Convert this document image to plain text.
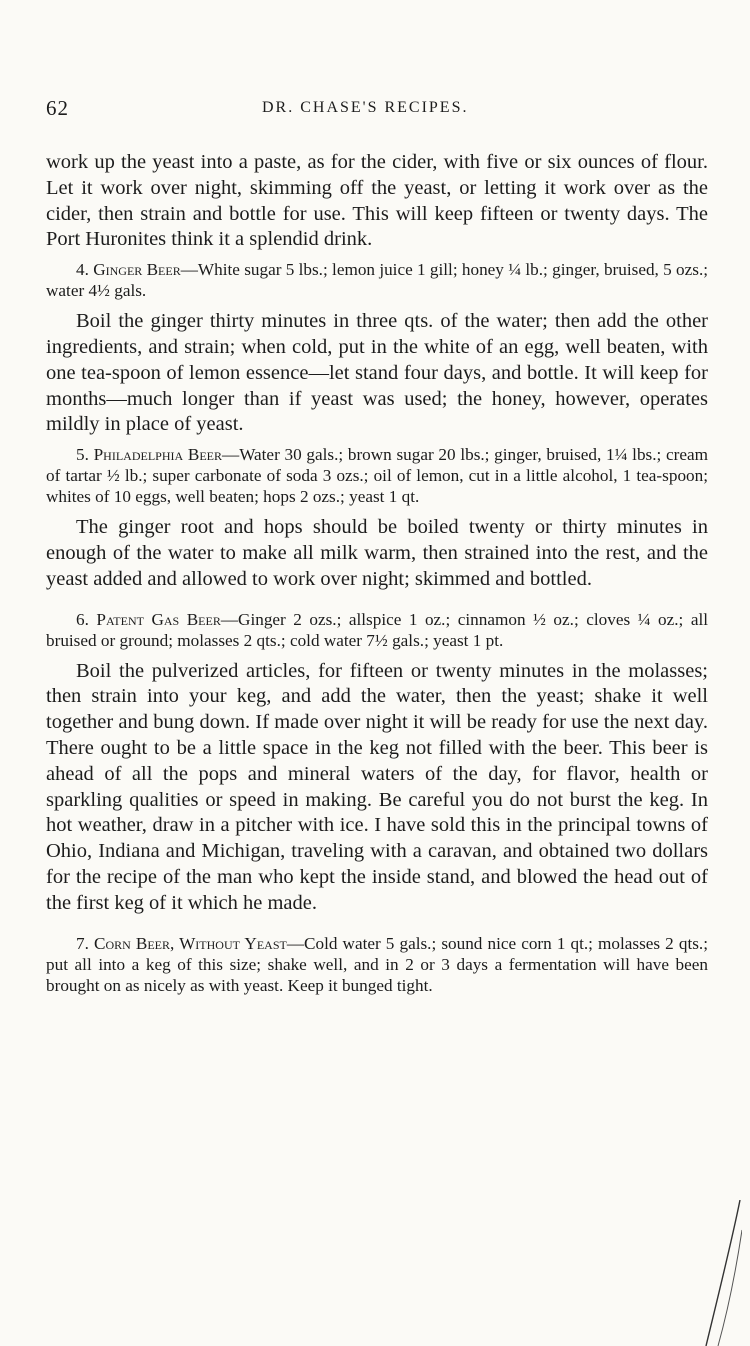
62	DR. CHASE'S RECIPES.

work up the yeast into a paste, as for the cider, with five or six ounces of flour. Let it work over night, skimming off the yeast, or letting it work over as the cider, then strain and bottle for use. This will keep fifteen or twenty days. The Port Huronites think it a splendid drink.

4. Ginger Beer—White sugar 5 lbs.; lemon juice 1 gill; honey ¼ lb.; ginger, bruised, 5 ozs.; water 4½ gals.

Boil the ginger thirty minutes in three qts. of the water; then add the other ingredients, and strain; when cold, put in the white of an egg, well beaten, with one tea-spoon of lemon essence—let stand four days, and bottle. It will keep for months—much longer than if yeast was used; the honey, however, operates mildly in place of yeast.

5. Philadelphia Beer—Water 30 gals.; brown sugar 20 lbs.; ginger, bruised, 1¼ lbs.; cream of tartar ½ lb.; super carbonate of soda 3 ozs.; oil of lemon, cut in a little alcohol, 1 tea-spoon; whites of 10 eggs, well beaten; hops 2 ozs.; yeast 1 qt.

The ginger root and hops should be boiled twenty or thirty minutes in enough of the water to make all milk warm, then strained into the rest, and the yeast added and allowed to work over night; skimmed and bottled.

6. Patent Gas Beer—Ginger 2 ozs.; allspice 1 oz.; cinnamon ½ oz.; cloves ¼ oz.; all bruised or ground; molasses 2 qts.; cold water 7½ gals.; yeast 1 pt.

Boil the pulverized articles, for fifteen or twenty minutes in the molasses; then strain into your keg, and add the water, then the yeast; shake it well together and bung down. If made over night it will be ready for use the next day. There ought to be a little space in the keg not filled with the beer. This beer is ahead of all the pops and mineral waters of the day, for flavor, health or sparkling qualities or speed in making. Be careful you do not burst the keg. In hot weather, draw in a pitcher with ice. I have sold this in the principal towns of Ohio, Indiana and Michigan, traveling with a caravan, and obtained two dollars for the recipe of the man who kept the inside stand, and blowed the head out of the first keg of it which he made.

7. Corn Beer, Without Yeast—Cold water 5 gals.; sound nice corn 1 qt.; molasses 2 qts.; put all into a keg of this size; shake well, and in 2 or 3 days a fermentation will have been brought on as nicely as with yeast. Keep it bunged tight.
